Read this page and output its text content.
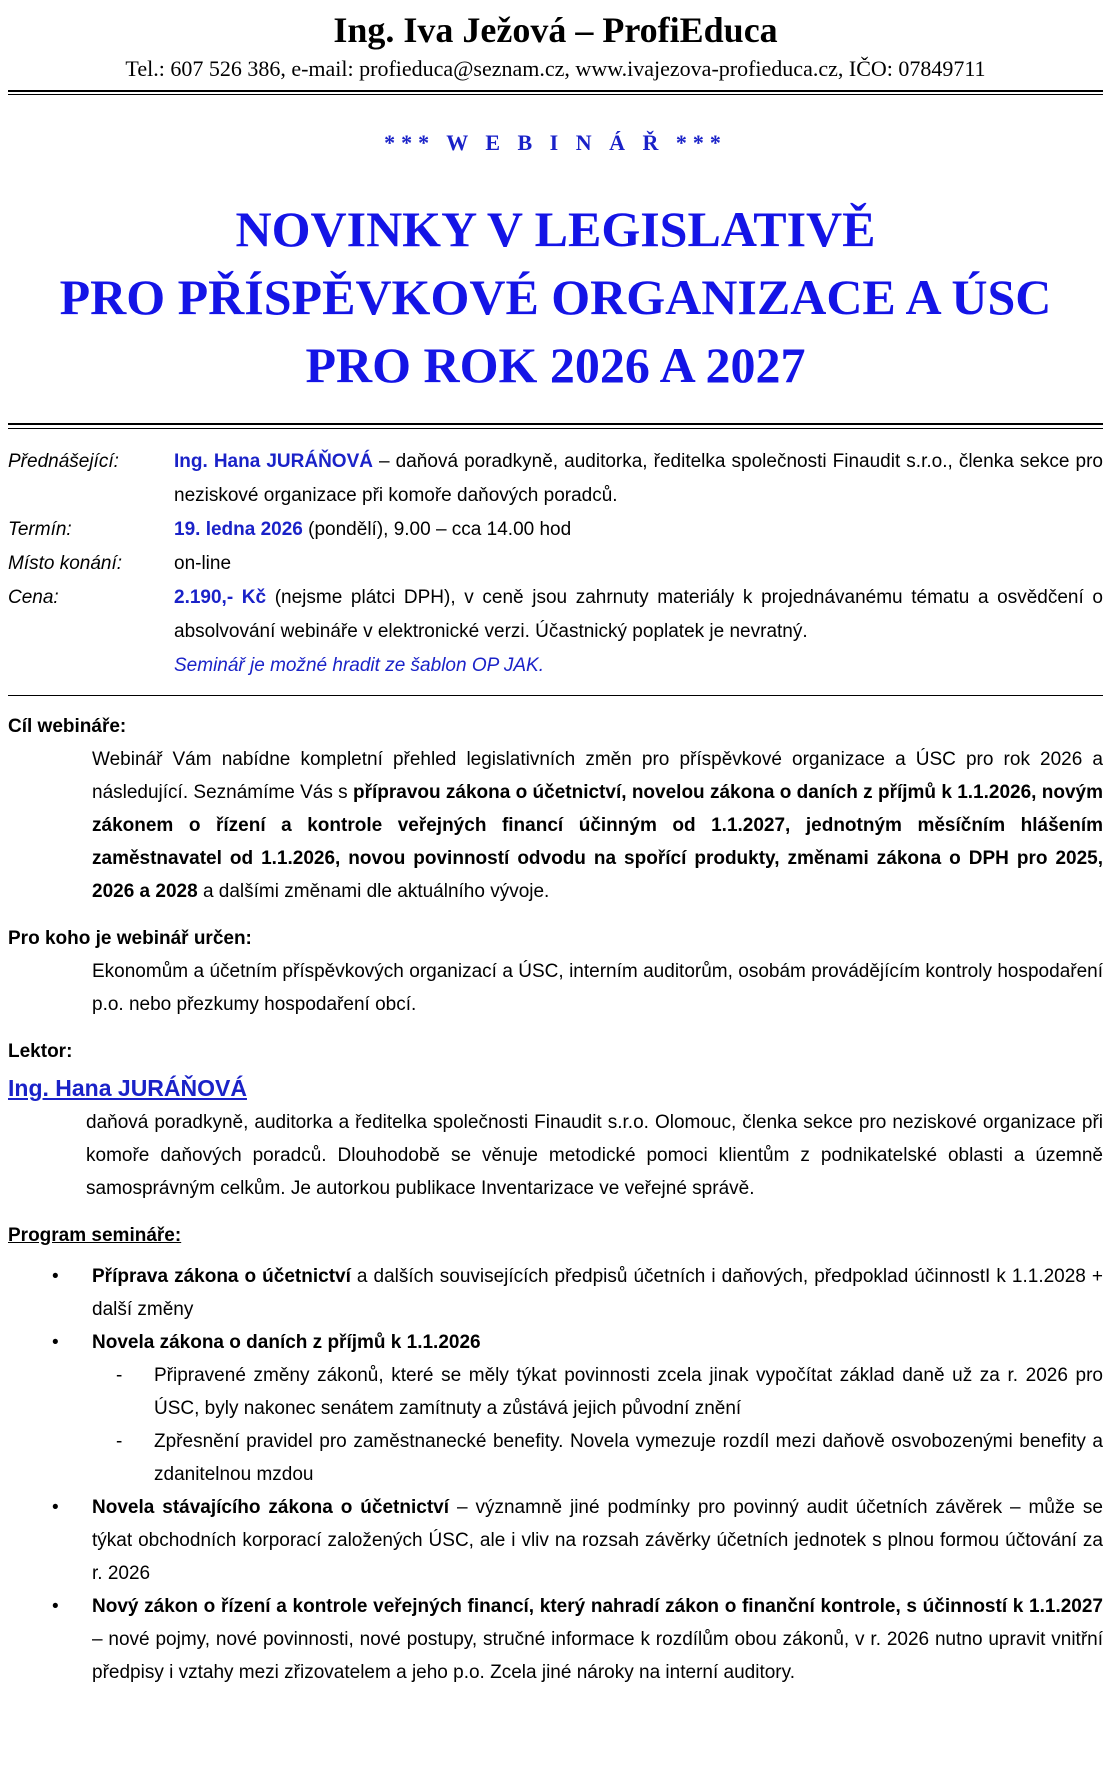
Ing. Iva Ježová – ProfiEduca
Tel.: 607 526 386, e-mail: profieduca@seznam.cz, www.ivajezova-profieduca.cz, IČO: 07849711
*** W E B I N Á Ř ***
NOVINKY V LEGISLATIVĚ
PRO PŘÍSPĚVKOVÉ ORGANIZACE A ÚSC
PRO ROK 2026 A 2027
Přednášející:	Ing. Hana JURÁŇOVÁ – daňová poradkyně, auditorka, ředitelka společnosti Finaudit s.r.o., členka sekce pro neziskové organizace při komoře daňových poradců.
Termín:	19. ledna 2026 (pondělí), 9.00 – cca 14.00 hod
Místo konání:	on-line
Cena:	2.190,- Kč (nejsme plátci DPH), v ceně jsou zahrnuty materiály k projednávanému tématu a osvědčení o absolvování webináře v elektronické verzi. Účastnický poplatek je nevratný.
Seminář je možné hradit ze šablon OP JAK.
Cíl webináře:
Webinář Vám nabídne kompletní přehled legislativních změn pro příspěvkové organizace a ÚSC pro rok 2026 a následující. Seznámíme Vás s přípravou zákona o účetnictví, novelou zákona o daních z příjmů k 1.1.2026, novým zákonem o řízení a kontrole veřejných financí účinným od 1.1.2027, jednotným měsíčním hlášením zaměstnavatel od 1.1.2026, novou povinností odvodu na spořící produkty, změnami zákona o DPH pro 2025, 2026 a 2028 a dalšími změnami dle aktuálního vývoje.
Pro koho je webinář určen:
Ekonomům a účetním příspěvkových organizací a ÚSC, interním auditorům, osobám provádějícím kontroly hospodaření p.o. nebo přezkumy hospodaření obcí.
Lektor:
Ing. Hana JURÁŇOVÁ
daňová poradkyně, auditorka a ředitelka společnosti Finaudit s.r.o. Olomouc, členka sekce pro neziskové organizace při komoře daňových poradců. Dlouhodobě se věnuje metodické pomoci klientům z podnikatelské oblasti a územně samosprávným celkům. Je autorkou publikace Inventarizace ve veřejné správě.
Program semináře:
• Příprava zákona o účetnictví a dalších souvisejících předpisů účetních i daňových, předpoklad účinnostI k 1.1.2028 + další změny
• Novela zákona o daních z příjmů k 1.1.2026
- Připravené změny zákonů, které se měly týkat povinnosti zcela jinak vypočítat základ daně už za r. 2026 pro ÚSC, byly nakonec senátem zamítnuty a zůstává jejich původní znění
- Zpřesnění pravidel pro zaměstnanecké benefity. Novela vymezuje rozdíl mezi daňově osvobozenými benefity a zdanitelnou mzdou
• Novela stávajícího zákona o účetnictví – významně jiné podmínky pro povinný audit účetních závěrek – může se týkat obchodních korporací založených ÚSC, ale i vliv na rozsah závěrky účetních jednotek s plnou formou účtování za r. 2026
• Nový zákon o řízení a kontrole veřejných financí, který nahradí zákon o finanční kontrole, s účinností k 1.1.2027 – nové pojmy, nové povinnosti, nové postupy, stručné informace k rozdílům obou zákonů, v r. 2026 nutno upravit vnitřní předpisy i vztahy mezi zřizovatelem a jeho p.o. Zcela jiné nároky na interní auditory.
